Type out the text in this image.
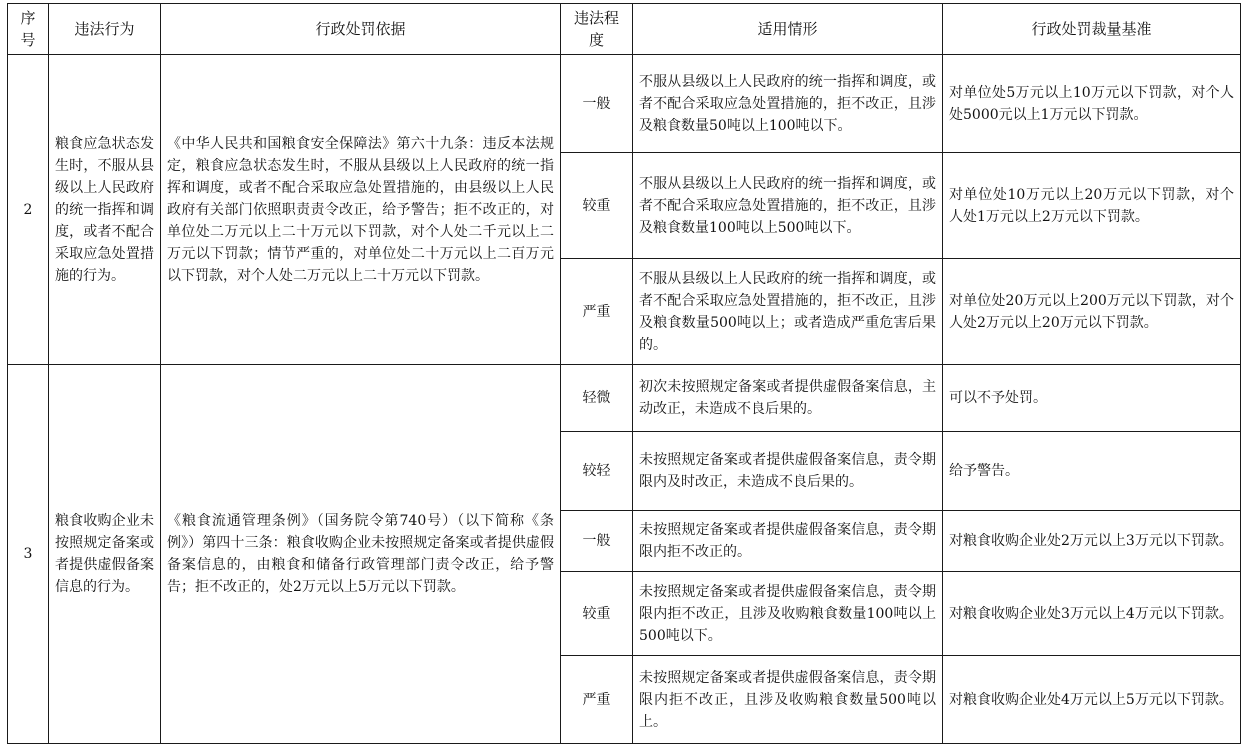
序号	违法行为	行政处罚依据	违法程度	适用情形	行政处罚裁量基准
2	粮食应急状态发生时，不服从县级以上人民政府的统一指挥和调度，或者不配合采取应急处置措施的行为。	《中华人民共和国粮食安全保障法》第六十九条：违反本法规定，粮食应急状态发生时，不服从县级以上人民政府的统一指挥和调度，或者不配合采取应急处置措施的，由县级以上人民政府有关部门依照职责责令改正，给予警告；拒不改正的，对单位处二万元以上二十万元以下罚款，对个人处二千元以上二万元以下罚款；情节严重的，对单位处二十万元以上二百万元以下罚款，对个人处二万元以上二十万元以下罚款。	一般	不服从县级以上人民政府的统一指挥和调度，或者不配合采取应急处置措施的，拒不改正，且涉及粮食数量50吨以上100吨以下。	对单位处5万元以上10万元以下罚款，对个人处5000元以上1万元以下罚款。
			较重	不服从县级以上人民政府的统一指挥和调度，或者不配合采取应急处置措施的，拒不改正，且涉及粮食数量100吨以上500吨以下。	对单位处10万元以上20万元以下罚款，对个人处1万元以上2万元以下罚款。
			严重	不服从县级以上人民政府的统一指挥和调度，或者不配合采取应急处置措施的，拒不改正，且涉及粮食数量500吨以上；或者造成严重危害后果的。	对单位处20万元以上200万元以下罚款，对个人处2万元以上20万元以下罚款。
3	粮食收购企业未按照规定备案或者提供虚假备案信息的行为。	《粮食流通管理条例》（国务院令第740号）（以下简称《条例》）第四十三条：粮食收购企业未按照规定备案或者提供虚假备案信息的，由粮食和储备行政管理部门责令改正，给予警告；拒不改正的，处2万元以上5万元以下罚款。	轻微	初次未按照规定备案或者提供虚假备案信息，主动改正，未造成不良后果的。	可以不予处罚。
			较轻	未按照规定备案或者提供虚假备案信息，责令期限内及时改正，未造成不良后果的。	给予警告。
			一般	未按照规定备案或者提供虚假备案信息，责令期限内拒不改正的。	对粮食收购企业处2万元以上3万元以下罚款。
			较重	未按照规定备案或者提供虚假备案信息，责令期限内拒不改正，且涉及收购粮食数量100吨以上500吨以下。	对粮食收购企业处3万元以上4万元以下罚款。
			严重	未按照规定备案或者提供虚假备案信息，责令期限内拒不改正，且涉及收购粮食数量500吨以上。	对粮食收购企业处4万元以上5万元以下罚款。
